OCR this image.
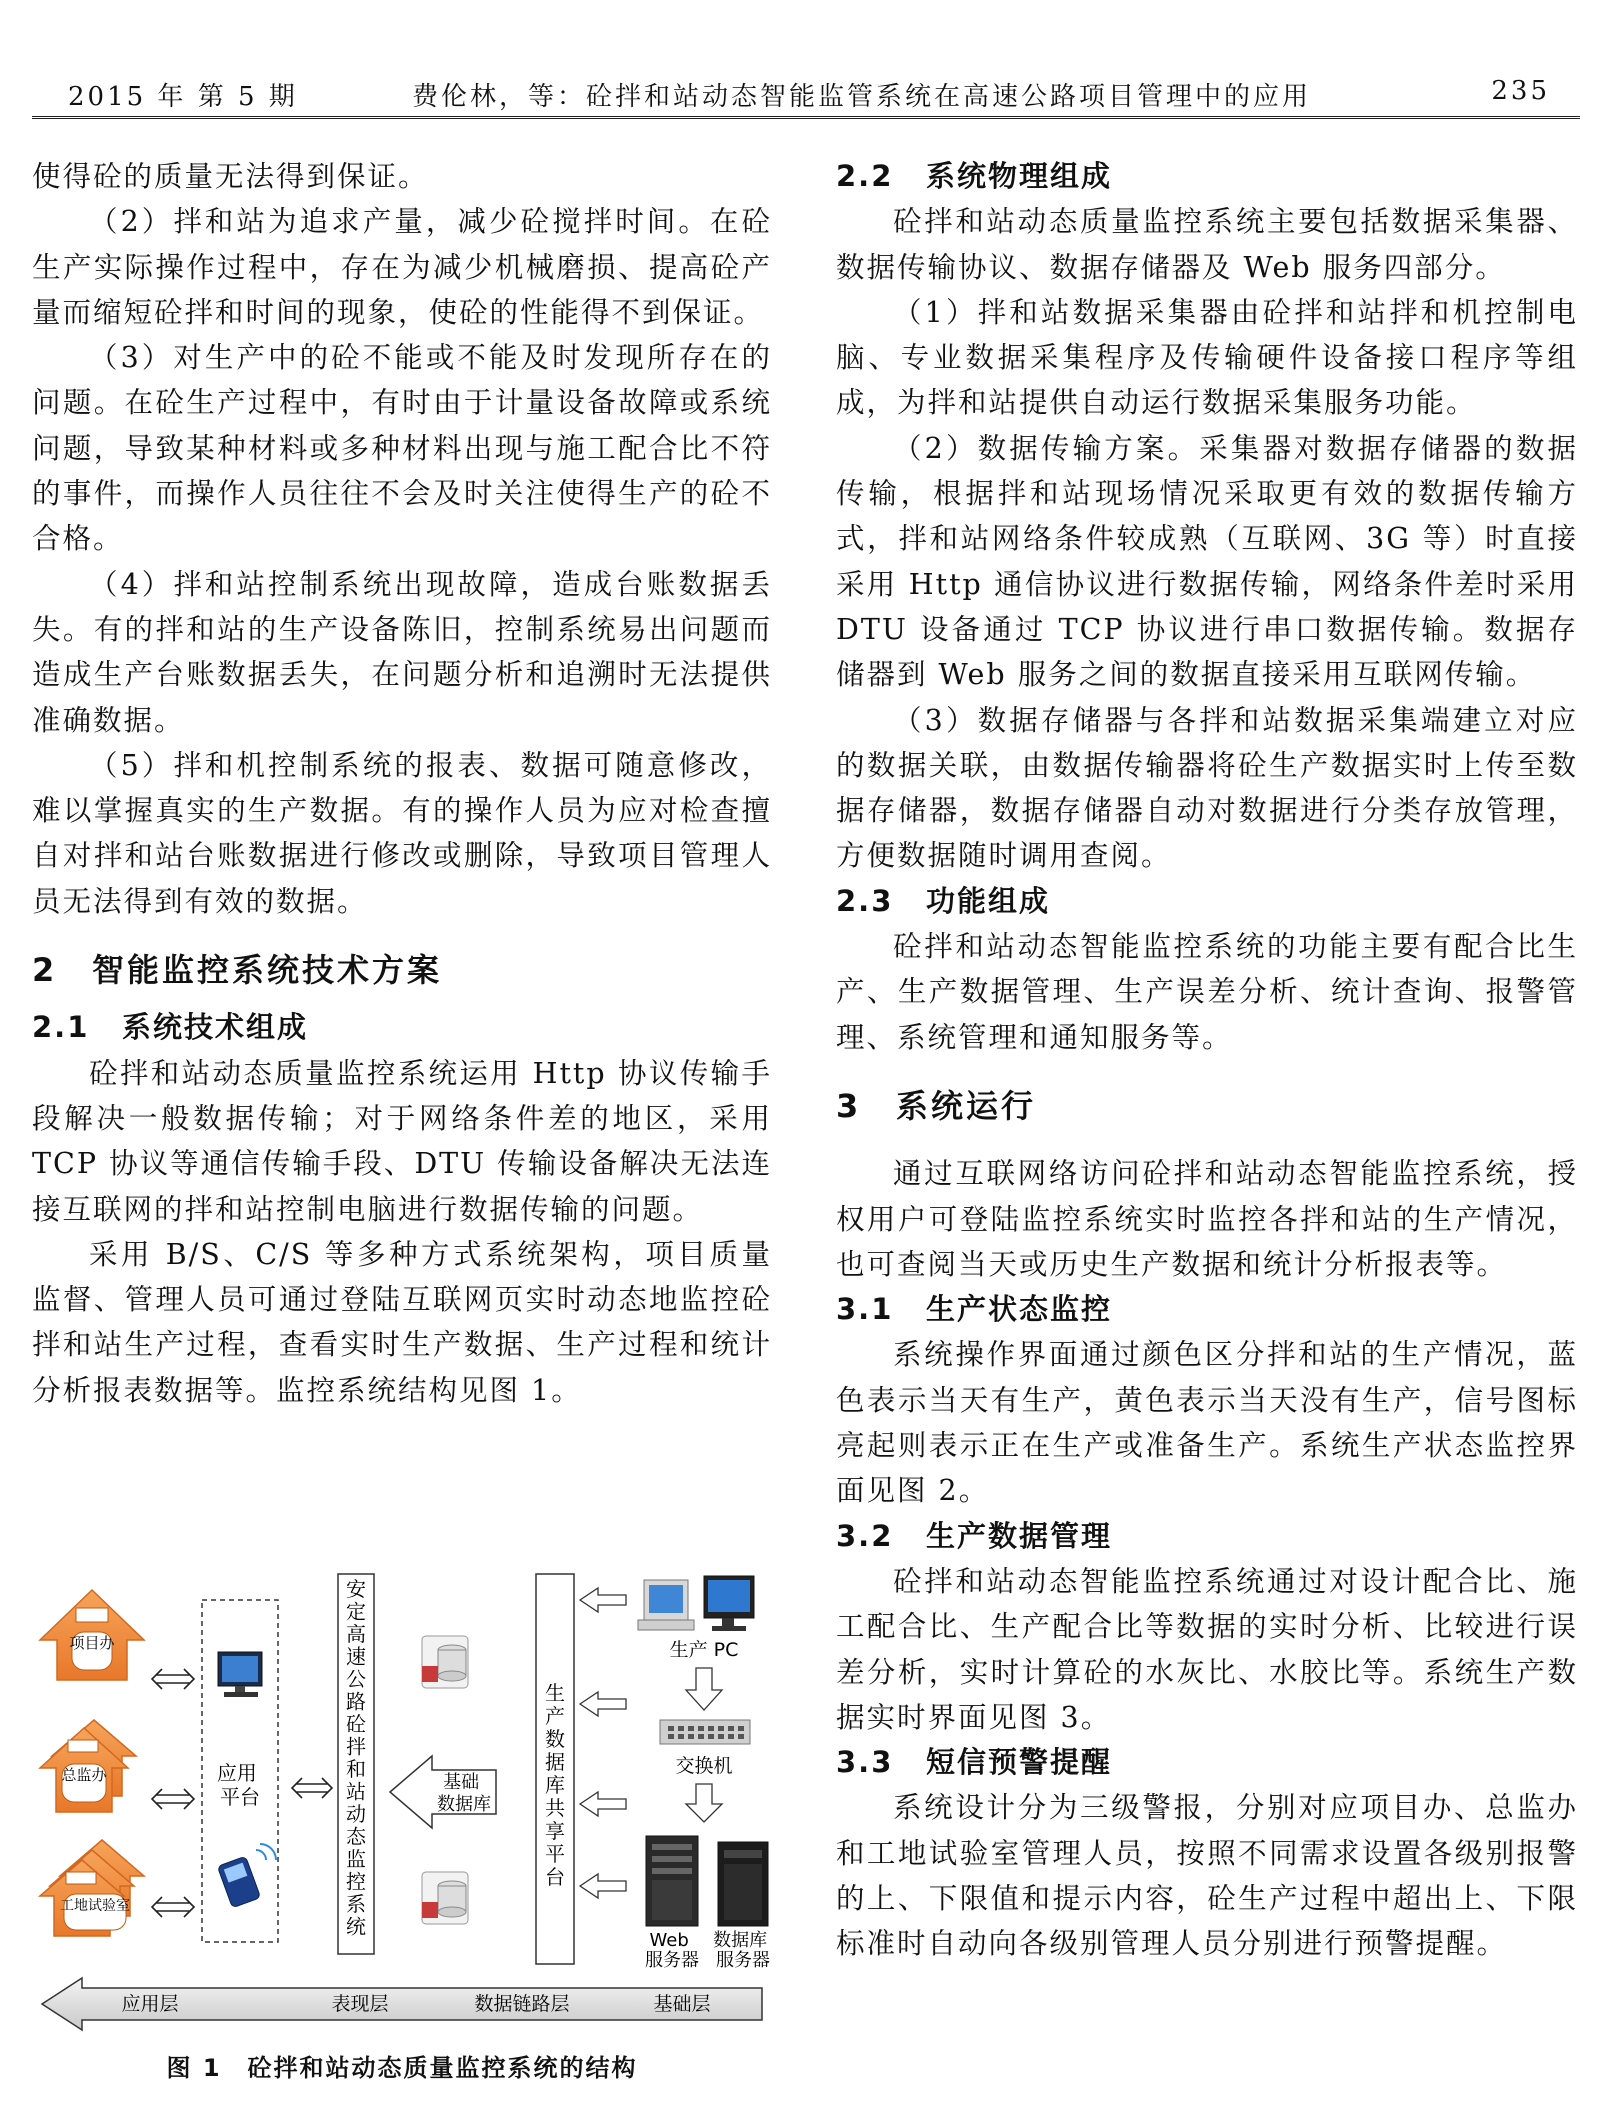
2015 年 第 5 期	费伦林，等：砼拌和站动态智能监管系统在高速公路项目管理中的应用	235

使得砼的质量无法得到保证。

（2）拌和站为追求产量，减少砼搅拌时间。在砼生产实际操作过程中，存在为减少机械磨损、提高砼产量而缩短砼拌和时间的现象，使砼的性能得不到保证。

（3）对生产中的砼不能或不能及时发现所存在的问题。在砼生产过程中，有时由于计量设备故障或系统问题，导致某种材料或多种材料出现与施工配合比不符的事件，而操作人员往往不会及时关注使得生产的砼不合格。

（4）拌和站控制系统出现故障，造成台账数据丢失。有的拌和站的生产设备陈旧，控制系统易出问题而造成生产台账数据丢失，在问题分析和追溯时无法提供准确数据。

（5）拌和机控制系统的报表、数据可随意修改，难以掌握真实的生产数据。有的操作人员为应对检查擅自对拌和站台账数据进行修改或删除，导致项目管理人员无法得到有效的数据。

2 智能监控系统技术方案
2.1 系统技术组成

砼拌和站动态质量监控系统运用 Http 协议传输手段解决一般数据传输；对于网络条件差的地区，采用 TCP 协议等通信传输手段、DTU 传输设备解决无法连接互联网的拌和站控制电脑进行数据传输的问题。

采用 B/S、C/S 等多种方式系统架构，项目质量监督、管理人员可通过登陆互联网页实时动态地监控砼拌和站生产过程，查看实时生产数据、生产过程和统计分析报表数据等。监控系统结构见图 1。

项目办
总监办
工地试验室
应用 平台
安定高速公路砼拌和站动态监控系统
基础 数据库
生产数据库共享平台
生产 PC
交换机
Web 服务器
数据库 服务器
应用层	表现层	数据链路层	基础层
图 1　砼拌和站动态质量监控系统的结构
2.2 系统物理组成

砼拌和站动态质量监控系统主要包括数据采集器、数据传输协议、数据存储器及 Web 服务四部分。

（1）拌和站数据采集器由砼拌和站拌和机控制电脑、专业数据采集程序及传输硬件设备接口程序等组成，为拌和站提供自动运行数据采集服务功能。

（2）数据传输方案。采集器对数据存储器的数据传输，根据拌和站现场情况采取更有效的数据传输方式，拌和站网络条件较成熟（互联网、3G 等）时直接采用 Http 通信协议进行数据传输，网络条件差时采用 DTU 设备通过 TCP 协议进行串口数据传输。数据存储器到 Web 服务之间的数据直接采用互联网传输。

（3）数据存储器与各拌和站数据采集端建立对应的数据关联，由数据传输器将砼生产数据实时上传至数据存储器，数据存储器自动对数据进行分类存放管理，方便数据随时调用查阅。

2.3 功能组成

砼拌和站动态智能监控系统的功能主要有配合比生产、生产数据管理、生产误差分析、统计查询、报警管理、系统管理和通知服务等。

3 系统运行

通过互联网络访问砼拌和站动态智能监控系统，授权用户可登陆监控系统实时监控各拌和站的生产情况，也可查阅当天或历史生产数据和统计分析报表等。

3.1 生产状态监控

系统操作界面通过颜色区分拌和站的生产情况，蓝色表示当天有生产，黄色表示当天没有生产，信号图标亮起则表示正在生产或准备生产。系统生产状态监控界面见图 2。

3.2 生产数据管理

砼拌和站动态智能监控系统通过对设计配合比、施工配合比、生产配合比等数据的实时分析、比较进行误差分析，实时计算砼的水灰比、水胶比等。系统生产数据实时界面见图 3。

3.3 短信预警提醒

系统设计分为三级警报，分别对应项目办、总监办和工地试验室管理人员，按照不同需求设置各级别报警的上、下限值和提示内容，砼生产过程中超出上、下限标准时自动向各级别管理人员分别进行预警提醒。
